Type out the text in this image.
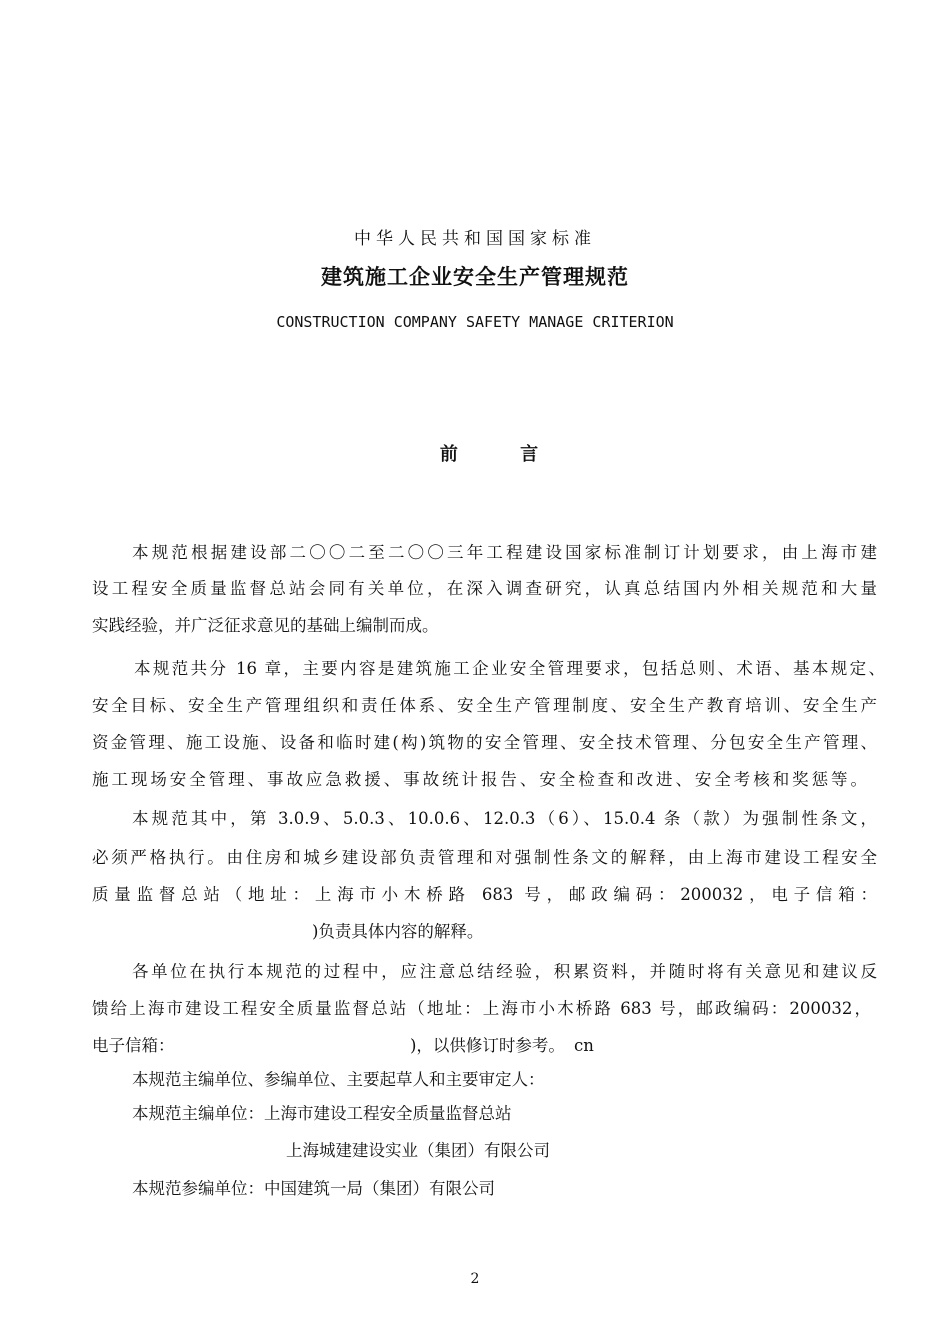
中华人民共和国国家标准
建筑施工企业安全生产管理规范
CONSTRUCTION COMPANY SAFETY MANAGE CRITERION
前 言
本规范根据建设部二〇〇二至二〇〇三年工程建设国家标准制订计划要求，由上海市建
设工程安全质量监督总站会同有关单位，在深入调查研究，认真总结国内外相关规范和大量
实践经验，并广泛征求意见的基础上编制而成。
本规范共分 16 章，主要内容是建筑施工企业安全管理要求，包括总则、术语、基本规定、
安全目标、安全生产管理组织和责任体系、安全生产管理制度、安全生产教育培训、安全生产
资金管理、施工设施、设备和临时建(构)筑物的安全管理、安全技术管理、分包安全生产管理、
施工现场安全管理、事故应急救援、事故统计报告、安全检查和改进、安全考核和奖惩等。
本规范其中，第 3.0.9、5.0.3、10.0.6、12.0.3（6）、15.0.4 条（款）为强制性条文，
必须严格执行。由住房和城乡建设部负责管理和对强制性条文的解释，由上海市建设工程安全
质量监督总站（地址：上海市小木桥路 683 号，邮政编码：200032，电子信箱：
)负责具体内容的解释。
各单位在执行本规范的过程中，应注意总结经验，积累资料，并随时将有关意见和建议反
馈给上海市建设工程安全质量监督总站（地址：上海市小木桥路 683 号，邮政编码：200032，
电子信箱：	)，以供修订时参考。 cn
本规范主编单位、参编单位、主要起草人和主要审定人：
本规范主编单位：上海市建设工程安全质量监督总站
上海城建建设实业（集团）有限公司
本规范参编单位：中国建筑一局（集团）有限公司
2
